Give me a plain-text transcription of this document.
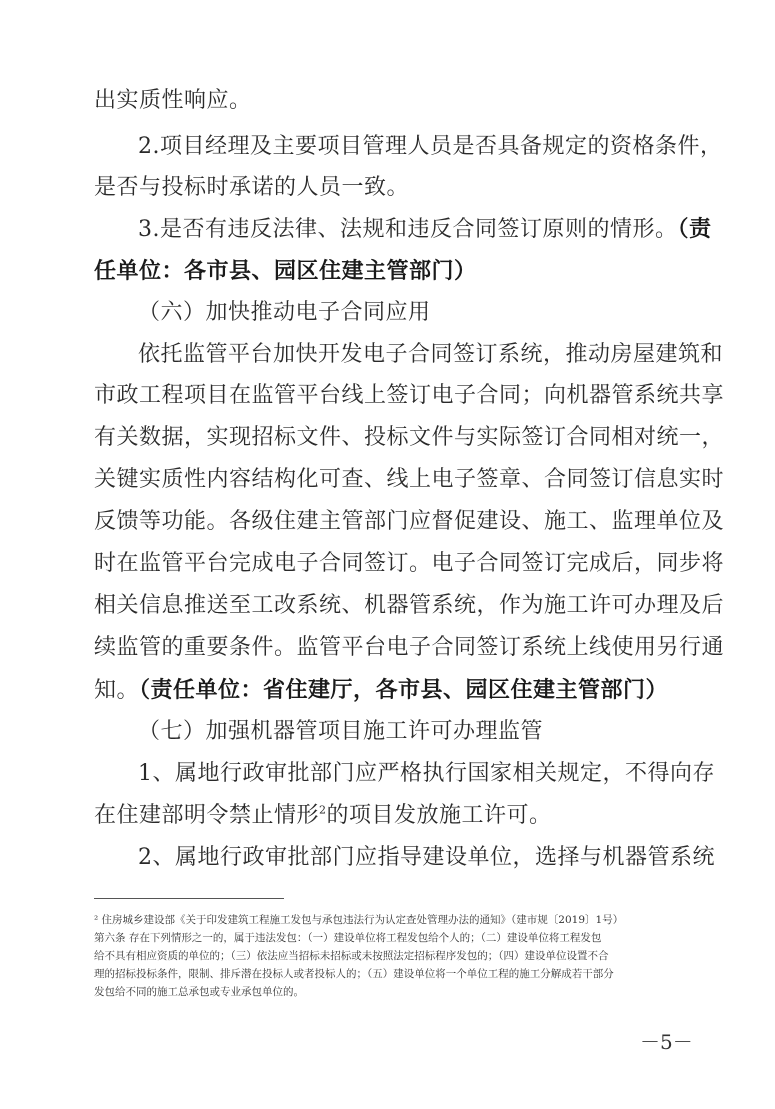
出实质性响应。
2.项目经理及主要项目管理人员是否具备规定的资格条件，
是否与投标时承诺的人员一致。
3.是否有违反法律、法规和违反合同签订原则的情形。（责
任单位：各市县、园区住建主管部门）
（六）加快推动电子合同应用
依托监管平台加快开发电子合同签订系统，推动房屋建筑和
市政工程项目在监管平台线上签订电子合同；向机器管系统共享
有关数据，实现招标文件、投标文件与实际签订合同相对统一，
关键实质性内容结构化可查、线上电子签章、合同签订信息实时
反馈等功能。各级住建主管部门应督促建设、施工、监理单位及
时在监管平台完成电子合同签订。电子合同签订完成后，同步将
相关信息推送至工改系统、机器管系统，作为施工许可办理及后
续监管的重要条件。监管平台电子合同签订系统上线使用另行通
知。（责任单位：省住建厅，各市县、园区住建主管部门）
（七）加强机器管项目施工许可办理监管
1、属地行政审批部门应严格执行国家相关规定，不得向存
在住建部明令禁止情形$^2$的项目发放施工许可。
2、属地行政审批部门应指导建设单位，选择与机器管系统
² 住房城乡建设部《关于印发建筑工程施工发包与承包违法行为认定查处管理办法的通知》（建市规〔2019〕1号）
第六条 存在下列情形之一的，属于违法发包：（一）建设单位将工程发包给个人的；（二）建设单位将工程发包
给不具有相应资质的单位的；（三）依法应当招标未招标或未按照法定招标程序发包的；（四）建设单位设置不合
理的招标投标条件，限制、排斥潜在投标人或者投标人的；（五）建设单位将一个单位工程的施工分解成若干部分
发包给不同的施工总承包或专业承包单位的。
－5－
